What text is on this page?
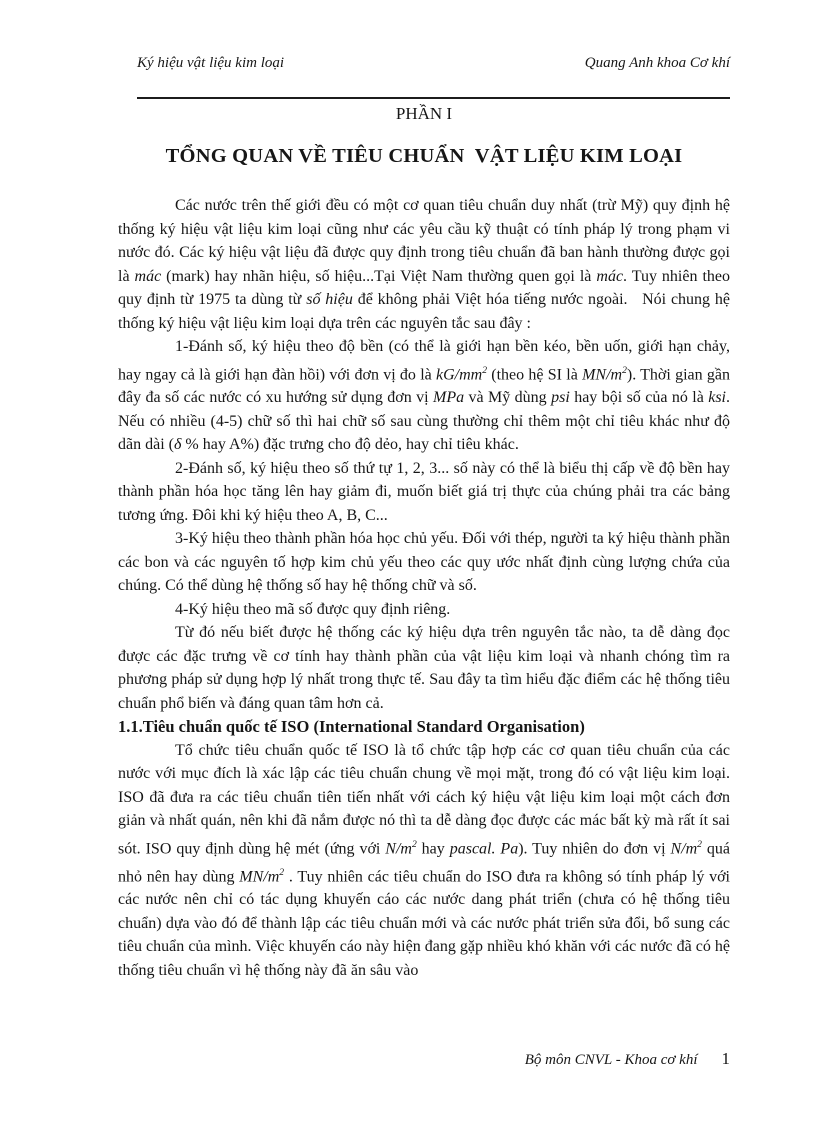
Ký hiệu vật liệu kim loại	Quang Anh khoa Cơ khí
PHẦN I
TỔNG QUAN VỀ TIÊU CHUẨN  VẬT LIỆU KIM LOẠI

Các nước trên thế giới đều có một cơ quan tiêu chuẩn duy nhất (trừ Mỹ) quy định hệ thống ký hiệu vật liệu kim loại cũng như các yêu cầu kỹ thuật có tính pháp lý trong phạm vi nước đó. Các ký hiệu vật liệu đã được quy định trong tiêu chuẩn đã ban hành thường được gọi là mác (mark) hay nhãn hiệu, số hiệu...Tại Việt Nam thường quen gọi là mác. Tuy nhiên theo quy định từ 1975 ta dùng từ số hiệu để không phải Việt hóa tiếng nước ngoài.   Nói chung hệ thống ký hiệu vật liệu kim loại dựa trên các nguyên tắc sau đây :

1-Đánh số, ký hiệu theo độ bền (có thể là giới hạn bền kéo, bền uốn, giới hạn chảy, hay ngay cả là giới hạn đàn hồi) với đơn vị đo là $kG/mm^2$ (theo hệ SI là $MN/m^2$). Thời gian gần đây đa số các nước có xu hướng sử dụng đơn vị MPa và Mỹ dùng psi hay bội số của nó là ksi. Nếu có nhiều (4-5) chữ số thì hai chữ số sau cùng thường chỉ thêm một chỉ tiêu khác như độ dãn dài (δ % hay A%) đặc trưng cho độ dẻo, hay chỉ tiêu khác.

2-Đánh số, ký hiệu theo số thứ tự 1, 2, 3... số này có thể là biểu thị cấp về độ bền hay thành phần hóa học tăng lên hay giảm đi, muốn biết giá trị thực của chúng phải tra các bảng tương ứng. Đôi khi ký hiệu theo A, B, C...

3-Ký hiệu theo thành phần hóa học chủ yếu. Đối với thép, người ta ký hiệu thành phần các bon và các nguyên tố hợp kim chủ yếu theo các quy ước nhất định cùng lượng chứa của chúng. Có thể dùng hệ thống số hay hệ thống chữ và số.

4-Ký hiệu theo mã số được quy định riêng.

Từ đó nếu biết được hệ thống các ký hiệu dựa trên nguyên tắc nào, ta dễ dàng đọc được các đặc trưng về cơ tính hay thành phần của vật liệu kim loại và nhanh chóng tìm ra phương pháp sử dụng hợp lý nhất trong thực tế. Sau đây ta tìm hiểu đặc điểm các hệ thống tiêu chuẩn phổ biến và đáng quan tâm hơn cả.

1.1.Tiêu chuẩn quốc tế ISO (International Standard Organisation)

Tổ chức tiêu chuẩn quốc tế ISO là tổ chức tập hợp các cơ quan tiêu chuẩn của các nước với mục đích là xác lập các tiêu chuẩn chung về mọi mặt, trong đó có vật liệu kim loại. ISO đã đưa ra các tiêu chuẩn tiên tiến nhất với cách ký hiệu vật liệu kim loại một cách đơn giản và nhất quán, nên khi đã nắm được nó thì ta dễ dàng đọc được các mác bất kỳ mà rất ít sai sót. ISO quy định dùng hệ mét (ứng với $N/m^2$ hay pascal. Pa). Tuy nhiên do đơn vị $N/m^2$ quá nhỏ nên hay dùng $MN/m^2$ . Tuy nhiên các tiêu chuẩn do ISO đưa ra không só tính pháp lý với các nước nên chỉ có tác dụng khuyến cáo các nước dang phát triển (chưa có hệ thống tiêu chuẩn) dựa vào đó để thành lập các tiêu chuẩn mới và các nước phát triển sửa đổi, bổ sung các tiêu chuẩn của mình. Việc khuyến cáo này hiện đang gặp nhiều khó khăn với các nước đã có hệ thống tiêu chuẩn vì hệ thống này đã ăn sâu vào

Bộ môn CNVL - Khoa cơ khí 1
